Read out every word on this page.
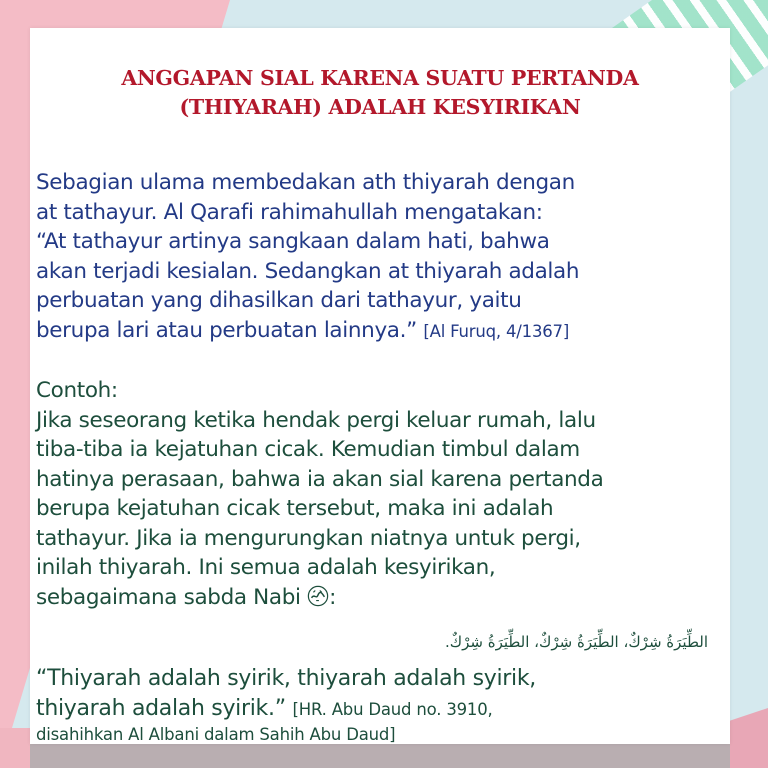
ANGGAPAN SIAL KARENA SUATU PERTANDA
(THIYARAH) ADALAH KESYIRIKAN
Sebagian ulama membedakan ath thiyarah dengan
at tathayur. Al Qarafi rahimahullah mengatakan:
“At tathayur artinya sangkaan dalam hati, bahwa
akan terjadi kesialan. Sedangkan at thiyarah adalah
perbuatan yang dihasilkan dari tathayur, yaitu
berupa lari atau perbuatan lainnya.” [Al Furuq, 4/1367]
Contoh:
Jika seseorang ketika hendak pergi keluar rumah, lalu
tiba-tiba ia kejatuhan cicak. Kemudian timbul dalam
hatinya perasaan, bahwa ia akan sial karena pertanda
berupa kejatuhan cicak tersebut, maka ini adalah
tathayur. Jika ia mengurungkan niatnya untuk pergi,
inilah thiyarah. Ini semua adalah kesyirikan,
sebagaimana sabda Nabi :
الطِّيَرَةُ شِرْكٌ، الطِّيَرَةُ شِرْكٌ، الطِّيَرَةُ شِرْكٌ.
“Thiyarah adalah syirik, thiyarah adalah syirik,
thiyarah adalah syirik.” [HR. Abu Daud no. 3910,
disahihkan Al Albani dalam Sahih Abu Daud]
